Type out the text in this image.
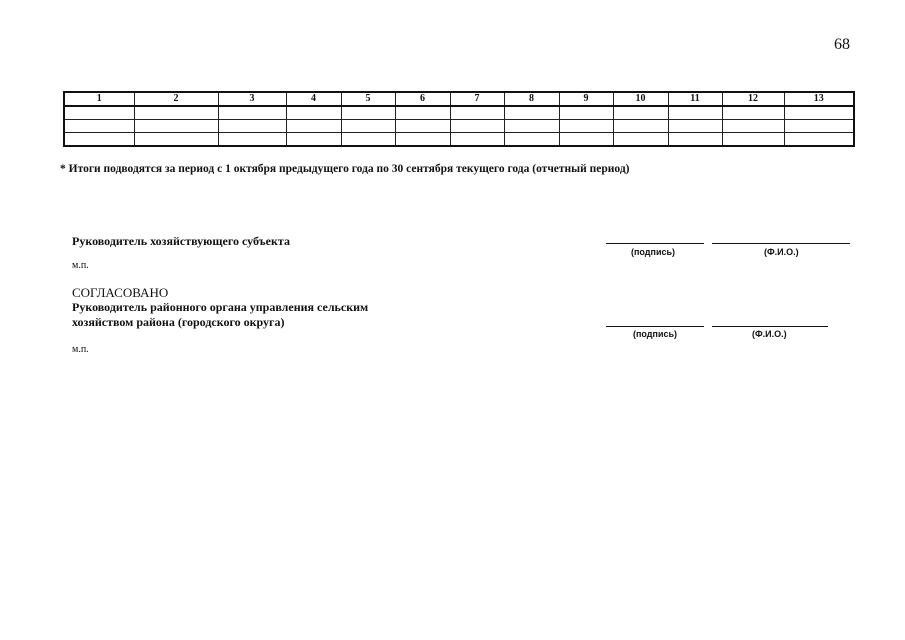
68
1	2	3	4	5	6	7	8	9	10	11	12	13

* Итоги подводятся за период с 1 октября предыдущего года по 30 сентября текущего года (отчетный период)
Руководитель хозяйствующего субъекта
м.п.
(подпись)	(Ф.И.О.)
СОГЛАСОВАНО
Руководитель районного органа управления сельским
хозяйством района (городского округа)
м.п.
(подпись)	(Ф.И.О.)
